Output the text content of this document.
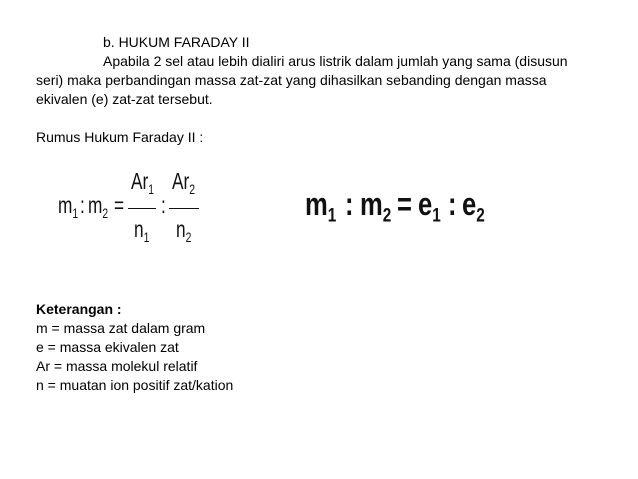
b. HUKUM FARADAY II
Apabila 2 sel atau lebih dialiri arus listrik dalam jumlah yang sama (disusun
seri) maka perbandingan massa zat-zat yang dihasilkan sebanding dengan massa
ekivalen (e) zat-zat tersebut.
Rumus Hukum Faraday II :
$m_1$ : $m_2$ =
$Ar_1$
$n_1$
:
$Ar_2$
$n_2$
$m_1$ : $m_2 = e_1$ : $e_2$
Keterangan :
m = massa zat dalam gram
e = massa ekivalen zat
Ar = massa molekul relatif
n = muatan ion positif zat/kation
